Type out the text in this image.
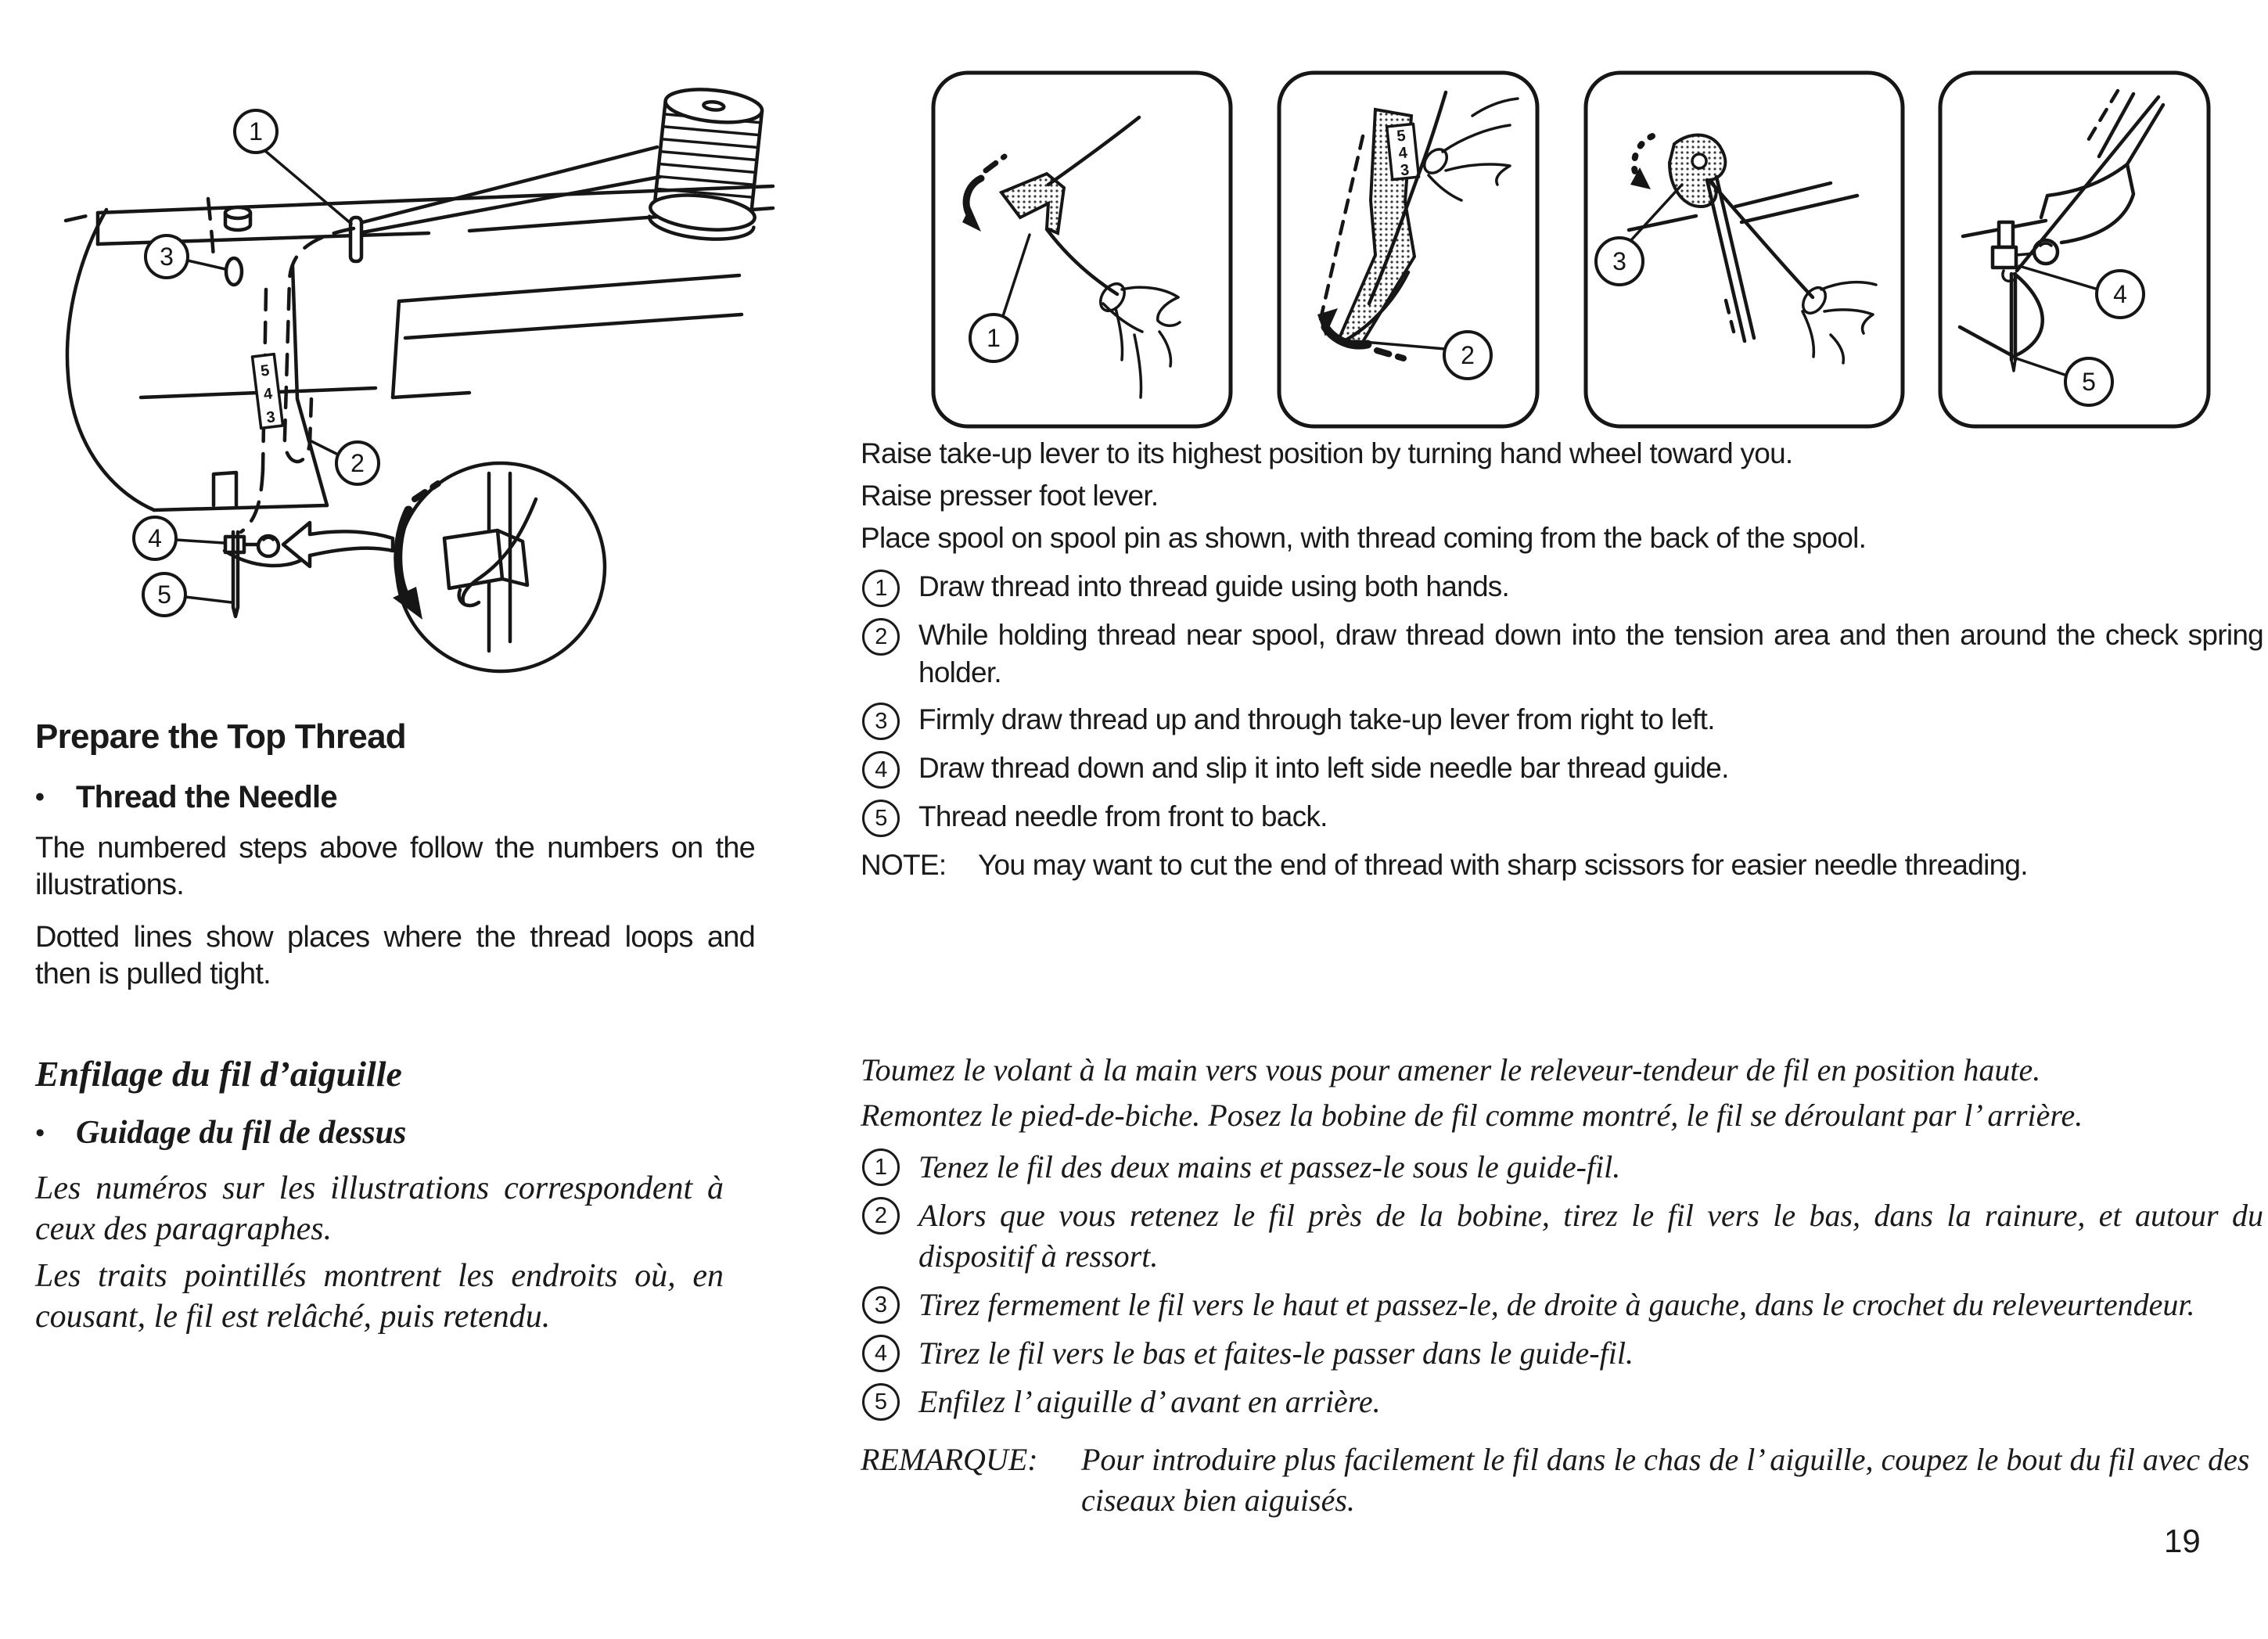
5
4
3
1
3
2
4
5
1
5
4
3
2
3
4
5

Raise take-up lever to its highest position by turning hand wheel toward you.

Raise presser foot lever.

Place spool on spool pin as shown, with thread coming from the back of the spool.

1	Draw thread into thread guide using both hands.
2	While holding thread near spool, draw thread down into the tension area and then around the check spring holder.
3	Firmly draw thread up and through take-up lever from right to left.
4	Draw thread down and slip it into left side needle bar thread guide.
5	Thread needle from front to back.
NOTE:	You may want to cut the end of thread with sharp scissors for easier needle threading.
Prepare the Top Thread
• Thread the Needle

The numbered steps above follow the numbers on the illustrations.

Dotted lines show places where the thread loops and then is pulled tight.

Enfilage du fil d’aiguille
• Guidage du fil de dessus

Les numéros sur les illustrations correspondent à ceux des paragraphes.

Les traits pointillés montrent les endroits où, en cousant, le fil est relâché, puis retendu.

Toumez le volant à la main vers vous pour amener le releveur-tendeur de fil en position haute.

Remontez le pied-de-biche. Posez la bobine de fil comme montré, le fil se déroulant par l’ arrière.

1 Tenez le fil des deux mains et passez-le sous le guide-fil.
2 Alors que vous retenez le fil près de la bobine, tirez le fil vers le bas, dans la rainure, et autour du dispositif à ressort.
3 Tirez fermement le fil vers le haut et passez-le, de droite à gauche, dans le crochet du releveurtendeur.
4 Tirez le fil vers le bas et faites-le passer dans le guide-fil.
5 Enfilez l’ aiguille d’ avant en arrière.
REMARQUE:	Pour introduire plus facilement le fil dans le chas de l’ aiguille, coupez le bout du fil avec des ciseaux bien aiguisés.
19
